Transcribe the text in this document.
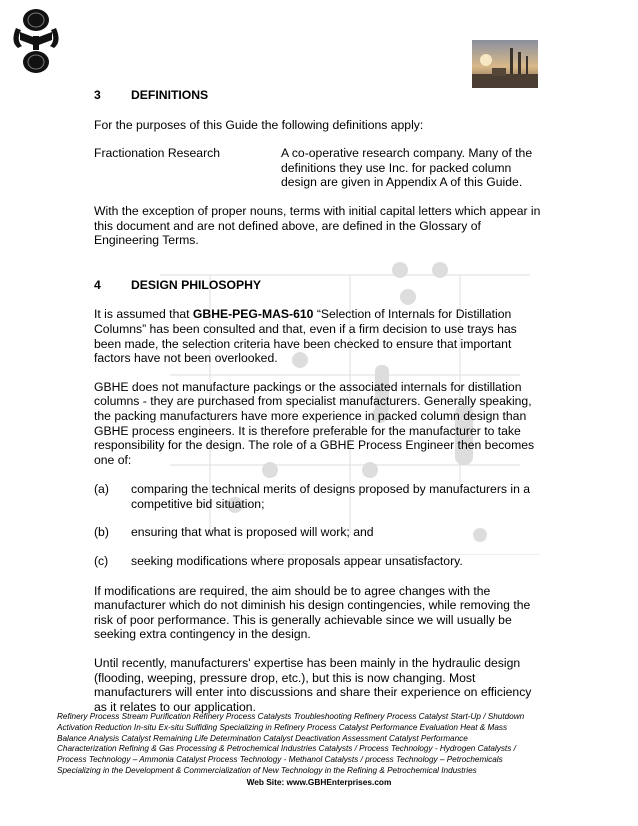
3	DEFINITIONS

For the purposes of this Guide the following definitions apply:

Fractionation Research	A co-operative research company. Many of the definitions they use Inc. for packed column design are given in Appendix A of this Guide.

With the exception of proper nouns, terms with initial capital letters which appear in this document and are not defined above, are defined in the Glossary of Engineering Terms.

4	DESIGN PHILOSOPHY

It is assumed that GBHE-PEG-MAS-610 “Selection of Internals for Distillation Columns” has been consulted and that, even if a firm decision to use trays has been made, the selection criteria have been checked to ensure that important factors have not been overlooked.

GBHE does not manufacture packings or the associated internals for distillation columns - they are purchased from specialist manufacturers. Generally speaking, the packing manufacturers have more experience in packed column design than GBHE process engineers. It is therefore preferable for the manufacturer to take responsibility for the design. The role of a GBHE Process Engineer then becomes one of:

(a)	comparing the technical merits of designs proposed by manufacturers in a competitive bid situation;
(b)	ensuring that what is proposed will work; and
(c)	seeking modifications where proposals appear unsatisfactory.

If modifications are required, the aim should be to agree changes with the manufacturer which do not diminish his design contingencies, while removing the risk of poor performance. This is generally achievable since we will usually be seeking extra contingency in the design.

Until recently, manufacturers' expertise has been mainly in the hydraulic design (flooding, weeping, pressure drop, etc.), but this is now changing. Most manufacturers will enter into discussions and share their experience on efficiency as it relates to our application.

Refinery Process Stream Purification Refinery Process Catalysts Troubleshooting Refinery Process Catalyst Start-Up / Shutdown
Activation Reduction In-situ Ex-situ Sulfiding Specializing in Refinery Process Catalyst Performance Evaluation Heat & Mass
Balance Analysis Catalyst Remaining Life Determination Catalyst Deactivation Assessment Catalyst Performance
Characterization Refining & Gas Processing & Petrochemical Industries Catalysts / Process Technology - Hydrogen Catalysts /
Process Technology – Ammonia Catalyst Process Technology - Methanol Catalysts / process Technology – Petrochemicals
Specializing in the Development & Commercialization of New Technology in the Refining & Petrochemical Industries
Web Site: www.GBHEnterprises.com
